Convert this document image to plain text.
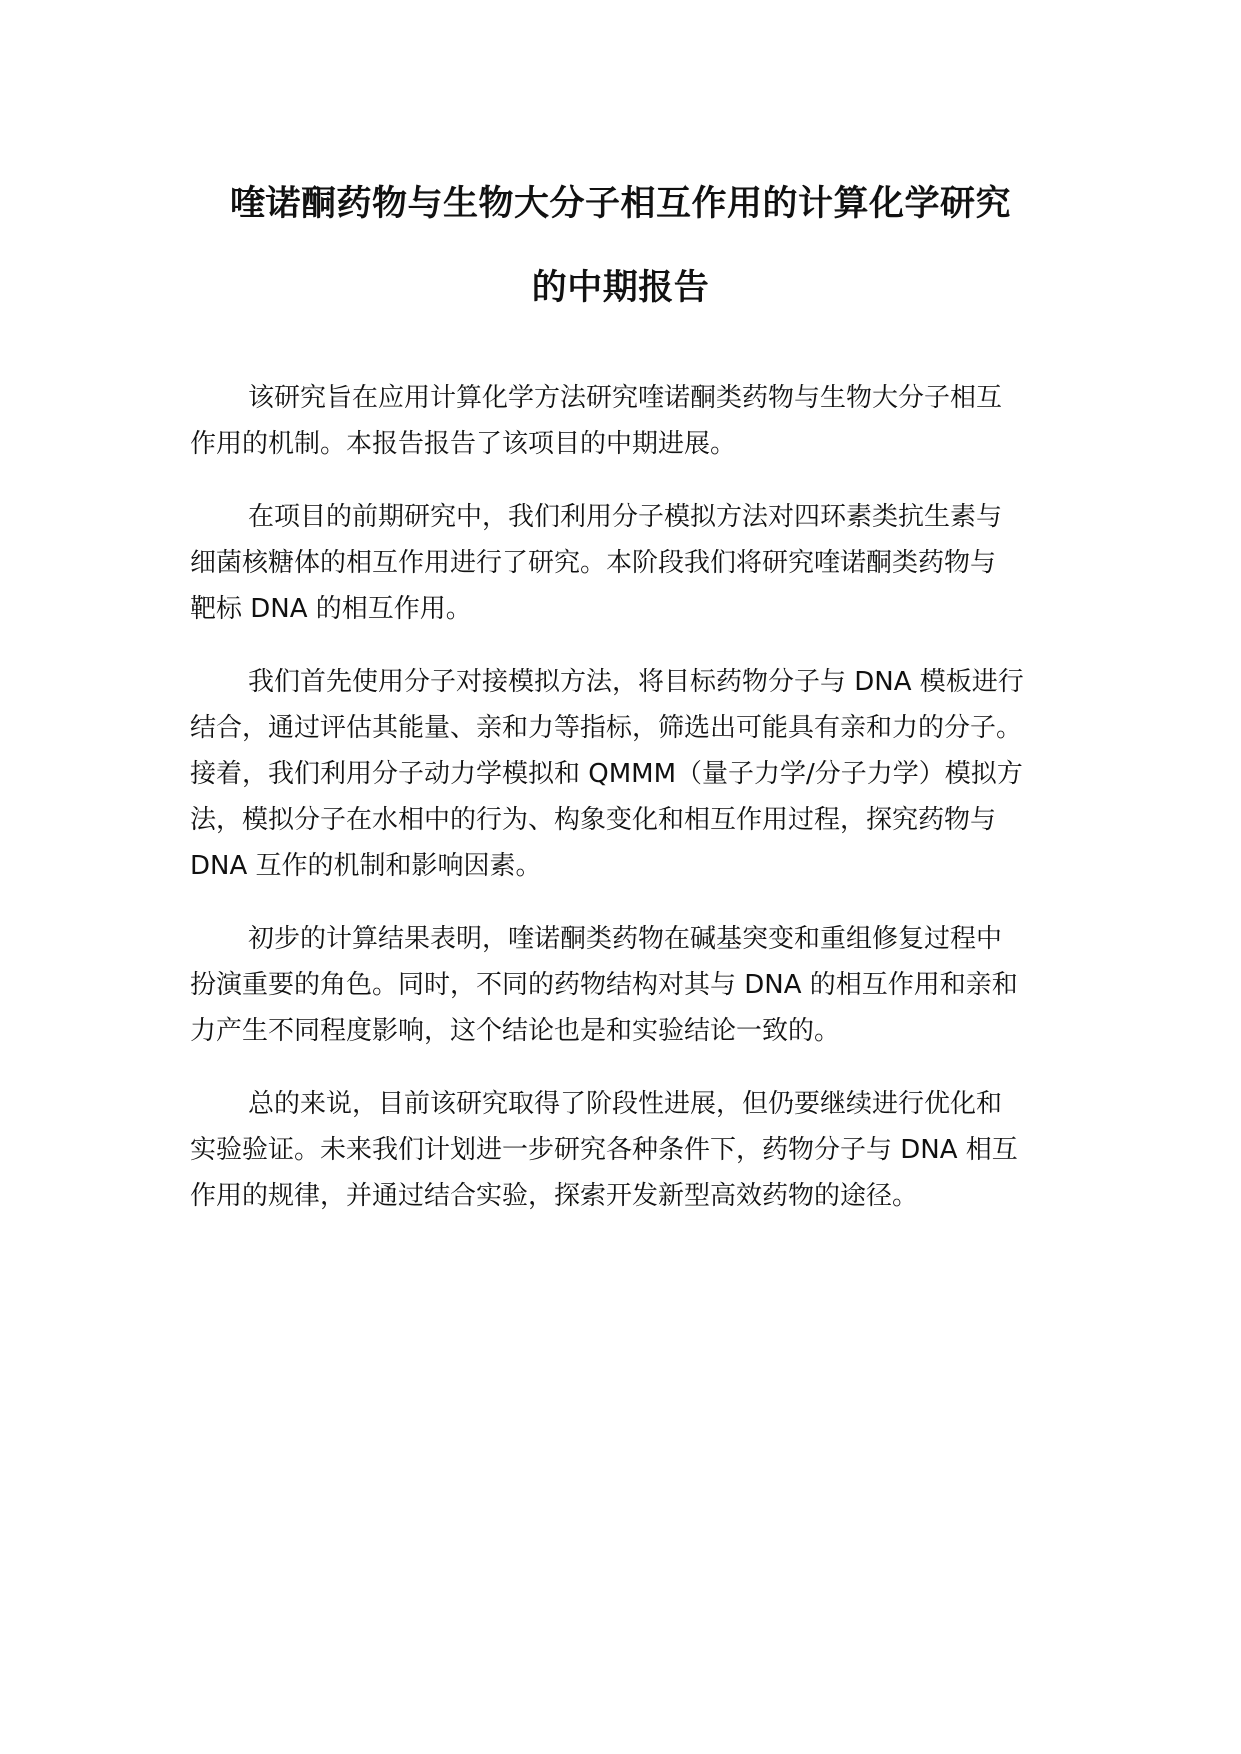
喹诺酮药物与生物大分子相互作用的计算化学研究
的中期报告

该研究旨在应用计算化学方法研究喹诺酮类药物与生物大分子相互
作用的机制。本报告报告了该项目的中期进展。

在项目的前期研究中，我们利用分子模拟方法对四环素类抗生素与
细菌核糖体的相互作用进行了研究。本阶段我们将研究喹诺酮类药物与
靶标 DNA 的相互作用。

我们首先使用分子对接模拟方法，将目标药物分子与 DNA 模板进行
结合，通过评估其能量、亲和力等指标，筛选出可能具有亲和力的分子。
接着，我们利用分子动力学模拟和 QMMM（量子力学/分子力学）模拟方
法，模拟分子在水相中的行为、构象变化和相互作用过程，探究药物与
DNA 互作的机制和影响因素。

初步的计算结果表明，喹诺酮类药物在碱基突变和重组修复过程中
扮演重要的角色。同时，不同的药物结构对其与 DNA 的相互作用和亲和
力产生不同程度影响，这个结论也是和实验结论一致的。

总的来说，目前该研究取得了阶段性进展，但仍要继续进行优化和
实验验证。未来我们计划进一步研究各种条件下，药物分子与 DNA 相互
作用的规律，并通过结合实验，探索开发新型高效药物的途径。
